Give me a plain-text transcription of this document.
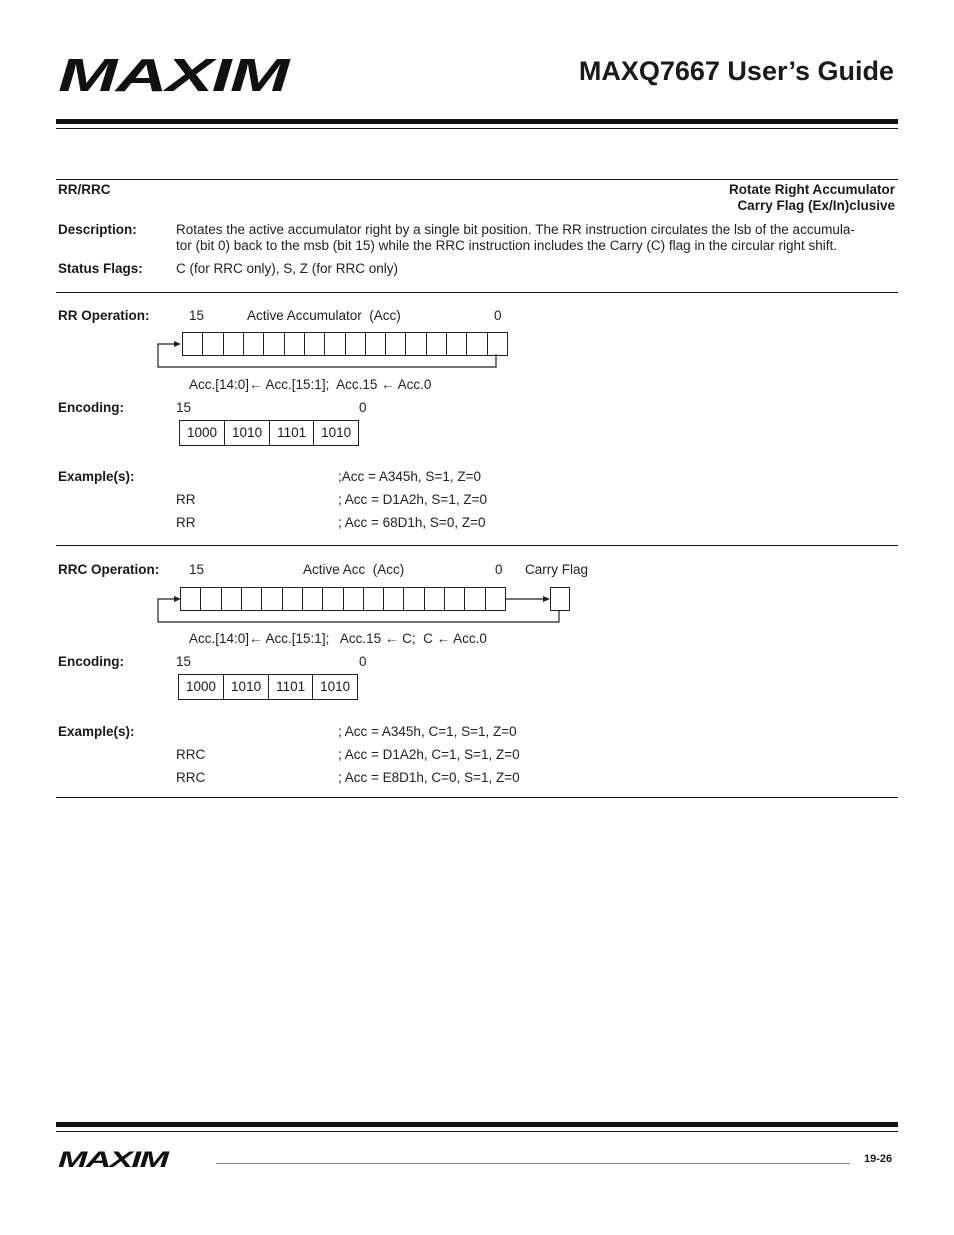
MAXIM	MAXQ7667 User’s Guide
RR/RRC	Rotate Right Accumulator
Carry Flag (Ex/In)clusive
Description:	Rotates the active accumulator right by a single bit position. The RR instruction circulates the lsb of the accumula-
tor (bit 0) back to the msb (bit 15) while the RRC instruction includes the Carry (C) flag in the circular right shift.
Status Flags: C (for RRC only), S, Z (for RRC only)
RR Operation:	15	Active Accumulator  (Acc)	0
Acc.[14:0]← Acc.[15:1];  Acc.15 ← Acc.0
Encoding:	15	0
1000	1010	1101	1010
Example(s):	;Acc = A345h, S=1, Z=0
RR	; Acc = D1A2h, S=1, Z=0
RR	; Acc = 68D1h, S=0, Z=0
RRC Operation: 15	Active Acc  (Acc)	0 Carry Flag
Acc.[14:0]← Acc.[15:1];   Acc.15 ← C;  C ← Acc.0
Encoding:	15	0
1000	1010	1101	1010
Example(s):	; Acc = A345h, C=1, S=1, Z=0
RRC	; Acc = D1A2h, C=1, S=1, Z=0
RRC	; Acc = E8D1h, C=0, S=1, Z=0
MAXIM	19-26
